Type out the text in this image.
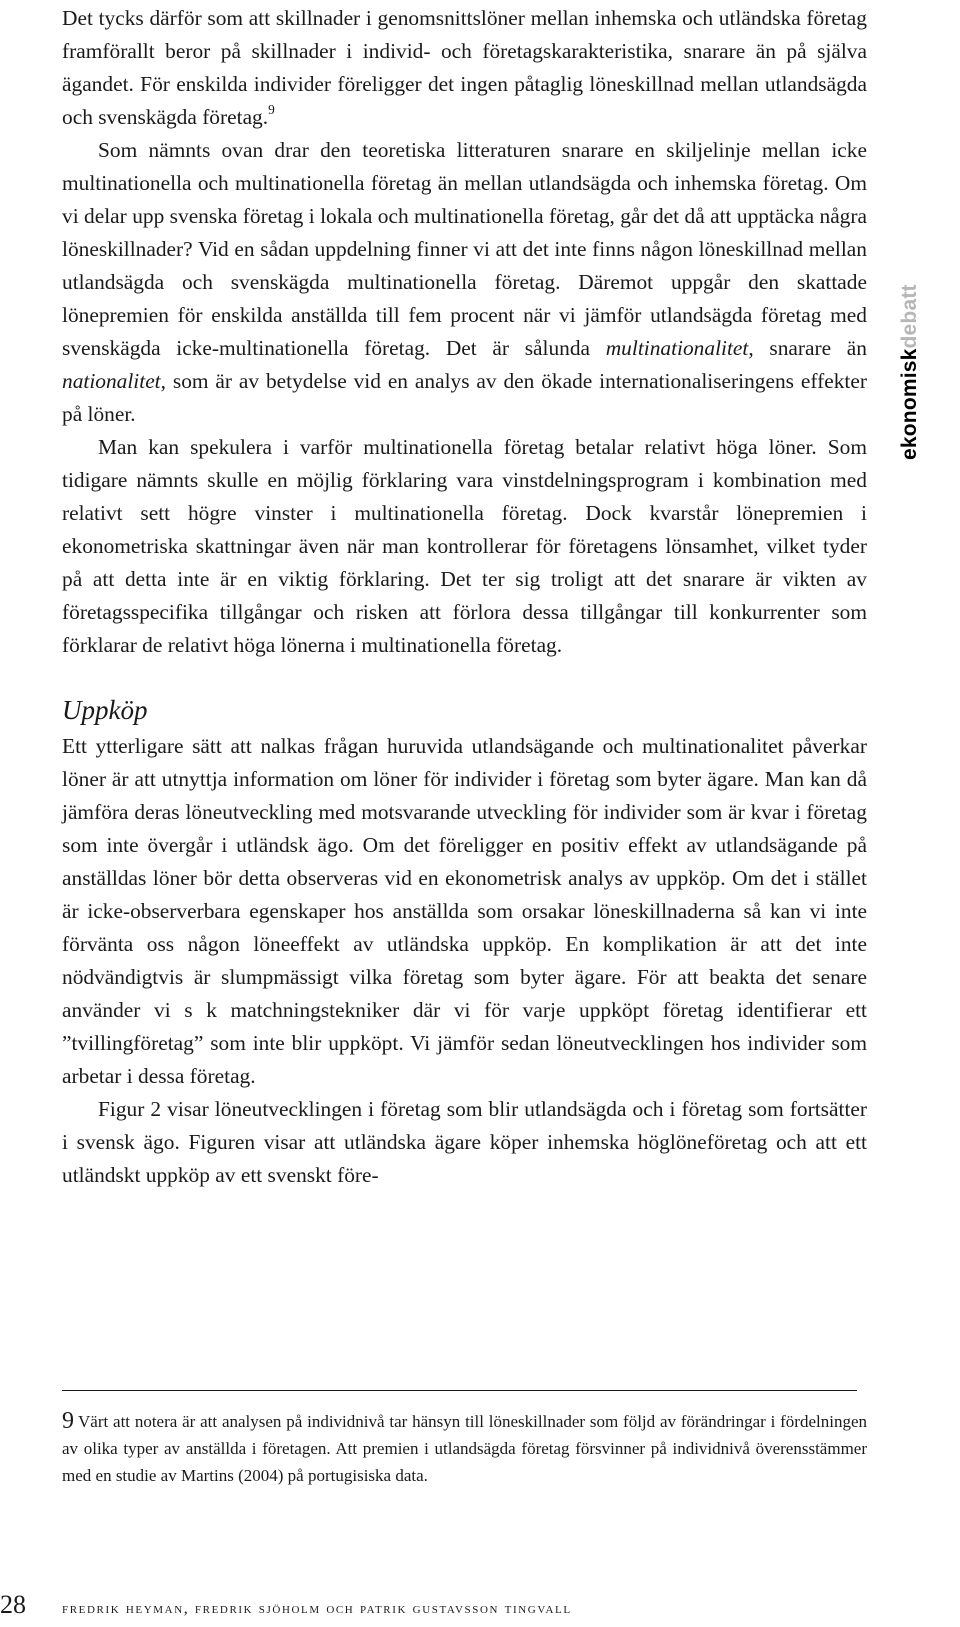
Det tycks därför som att skillnader i genomsnittslöner mellan inhemska och utländska företag framförallt beror på skillnader i individ- och företagskarakteristika, snarare än på själva ägandet. För enskilda individer föreligger det ingen påtaglig löneskillnad mellan utlandsägda och svenskägda företag.$^9$

Som nämnts ovan drar den teoretiska litteraturen snarare en skiljelinje mellan icke multinationella och multinationella företag än mellan utlandsägda och inhemska företag. Om vi delar upp svenska företag i lokala och multinationella företag, går det då att upptäcka några löneskillnader? Vid en sådan uppdelning finner vi att det inte finns någon löneskillnad mellan utlandsägda och svenskägda multinationella företag. Däremot uppgår den skattade lönepremien för enskilda anställda till fem procent när vi jämför utlandsägda företag med svenskägda icke-multinationella företag. Det är sålunda multinationalitet, snarare än nationalitet, som är av betydelse vid en analys av den ökade internationaliseringens effekter på löner.

Man kan spekulera i varför multinationella företag betalar relativt höga löner. Som tidigare nämnts skulle en möjlig förklaring vara vinstdelningsprogram i kombination med relativt sett högre vinster i multinationella företag. Dock kvarstår lönepremien i ekonometriska skattningar även när man kontrollerar för företagens lönsamhet, vilket tyder på att detta inte är en viktig förklaring. Det ter sig troligt att det snarare är vikten av företagsspecifika tillgångar och risken att förlora dessa tillgångar till konkurrenter som förklarar de relativt höga lönerna i multinationella företag.

Uppköp

Ett ytterligare sätt att nalkas frågan huruvida utlandsägande och multinationalitet påverkar löner är att utnyttja information om löner för individer i företag som byter ägare. Man kan då jämföra deras löneutveckling med motsvarande utveckling för individer som är kvar i företag som inte övergår i utländsk ägo. Om det föreligger en positiv effekt av utlandsägande på anställdas löner bör detta observeras vid en ekonometrisk analys av uppköp. Om det i stället är icke-observerbara egenskaper hos anställda som orsakar löneskillnaderna så kan vi inte förvänta oss någon löneeffekt av utländska uppköp. En komplikation är att det inte nödvändigtvis är slumpmässigt vilka företag som byter ägare. För att beakta det senare använder vi s k matchningstekniker där vi för varje uppköpt företag identifierar ett ”tvillingföretag” som inte blir uppköpt. Vi jämför sedan löneutvecklingen hos individer som arbetar i dessa företag.

Figur 2 visar löneutvecklingen i företag som blir utlandsägda och i företag som fortsätter i svensk ägo. Figuren visar att utländska ägare köper inhemska höglöneföretag och att ett utländskt uppköp av ett svenskt före-

9 Värt att notera är att analysen på individnivå tar hänsyn till löneskillnader som följd av förändringar i fördelningen av olika typer av anställda i företagen. Att premien i utlandsägda företag försvinner på individnivå överensstämmer med en studie av Martins (2004) på portugisiska data.
ekonomiskdebatt
28 fredrik heyman, fredrik sjöholm och patrik gustavsson tingvall
